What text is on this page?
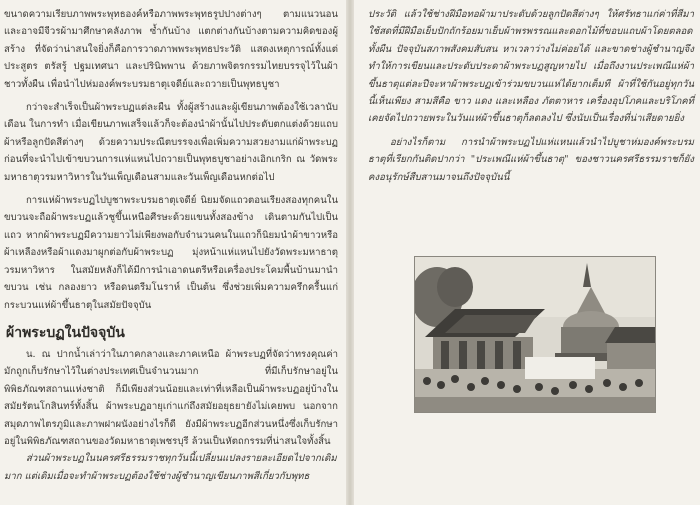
ขนาดความเรียบภาพพระพุทธองค์หรือภาพพระพุทธรูปปางต่างๆ ตามแนวนอน และอาจมีจีวรผ้ามาศึกษาคลังภาพ ซ้ำกันบ้าง แตกต่างกันบ้างตามความคิดของผู้สร้าง ที่จัดว่าน่าสนใจยิ่งก็คือการวาดภาพพระพุทธประวัติ แสดงเหตุการณ์ทั้งแต่ประสูตร ตรัสรู้ ปฐมเทศนา และปรินิพพาน ด้วยภาพจิตรกรรมไทยบรรจุไว้ในผ้าชาวทั้งผืน เพื่อนำไปห่มองค์พระบรมธาตุเจดีย์และถวายเป็นพุทธบูชา

กว่าจะสำเร็จเป็นผ้าพระบฏแต่ละผืน ทั้งผู้สร้างและผู้เขียนภาพต้องใช้เวลานับเดือน ในการทำ เมื่อเขียนภาพเสร็จแล้วก็จะต้องนำผ้านั้นไปประดับตกแต่งด้วยแถบผ้าหรือลูกปัดสีต่างๆ ด้วยความประณีตบรรจงเพื่อเพิ่มความสวยงามแก่ผ้าพระบฏ ก่อนที่จะนำไปเข้าขบวนการแห่แหนไปถวายเป็นพุทธบูชาอย่างเอิกเกริก ณ วัดพระมหาธาตุวรมหาวิหารในวันเพ็ญเดือนสามและวันเพ็ญเดือนหกต่อไป

การแห่ผ้าพระบฏไปบูชาพระบรมธาตุเจดีย์ นิยมจัดแถวตอนเรียงสองทุกคนในขบวนจะถือผ้าพระบฏแล้วชูขึ้นเหนือศีรษะด้วยแขนทั้งสองข้าง เดินตามกันไปเป็นแถว หากผ้าพระบฏมีความยาวไม่เพียงพอกับจำนวนคนในแถวก็นิยมนำผ้าขาวหรือผ้าเหลืองหรือผ้าแดงมาผูกต่อกับผ้าพระบฏ มุ่งหน้าแห่แหนไปยังวัดพระมหาธาตุวรมหาวิหาร ในสมัยหลังก็ได้มีการนำเอาดนตรีหรือเครื่องประโคมพื้นบ้านมานำขบวน เช่น กลองยาว หรือดนตรีมโนราห์ เป็นต้น ซึ่งช่วยเพิ่มความครึกครื้นแก่กระบวนแห่ผ้าขึ้นธาตุในสมัยปัจจุบัน

ผ้าพระบฏในปัจจุบัน

น. ณ ปากน้ำเล่าว่าในภาคกลางและภาคเหนือ ผ้าพระบฏที่จัดว่าทรงคุณค่ามักถูกเก็บรักษาไว้ในต่างประเทศเป็นจำนวนมาก ที่มีเก็บรักษาอยู่ในพิพิธภัณฑสถานแห่งชาติ ก็มีเพียงส่วนน้อยและเท่าที่เหลือเป็นผ้าพระบฏอยู่บ้างในสมัยรัตนโกสินทร์ทั้งสิ้น ผ้าพระบฏอายุเก่าแก่ถึงสมัยอยุธยายังไม่เคยพบ นอกจากสมุดภาพไตรภูมิและภาพฝาผนังอย่างไรก็ดี ยังมีผ้าพระบฏอีกส่วนหนึ่งซึ่งเก็บรักษาอยู่ในพิพิธภัณฑสถานของวัดมหาธาตุเพชรบุรี ล้วนเป็นหัตถกรรมที่น่าสนใจทั้งสิ้น

ส่วนผ้าพระบฏในนครศรีธรรมราชทุกวันนี้เปลี่ยนแปลงรายละเอียดไปจากเดิมมาก แต่เดิมเมื่อจะทำผ้าพระบฏต้องใช้ช่างผู้ชำนาญเขียนภาพสีเกี่ยวกับพุทธ

ประวัติ แล้วใช้ช่างฝีมือทอผ้ามาประดับด้วยลูกปัดสีต่างๆ ให้ศรัทธาแก่ค่าที่สีมาใช้สดที่มีฝีมือเย็บปักถักร้อยมาเย็บผ้าพรพรรณและดอกไม้ที่ขอบแถบผ้าโดยตลอดทั้งผืน ปัจจุบันสภาพสังคมสับสน หาเวลาว่างไม่ค่อยได้ และขาดช่างผู้ชำนาญจึงทำให้การเขียนและประดับประดาผ้าพระบฏสูญหายไป เมื่อถึงงานประเพณีแห่ผ้าขึ้นธาตุแต่ละปีจะหาผ้าพระบฏเข้าร่วมขบวนแห่ได้ยากเต็มที ผ้าที่ใช้กันอยู่ทุกวันนี้เห็นเพียง สามสีคือ ขาว แดง และเหลือง ภัตตาหาร เครื่องอุปโภคและบริโภคที่เคยจัดไปถวายพระในวันแห่ผ้าขึ้นธาตุก็ลดลงไป ซึ่งนับเป็นเรื่องที่น่าเสียดายยิ่ง

อย่างไรก็ตาม การนำผ้าพระบฏไปแห่แหนแล้วนำไปบูชาห่มองค์พระบรมธาตุที่เรียกกันติดปากว่า "ประเพณีแห่ผ้าขึ้นธาตุ" ของชาวนครศรีธรรมราชก็ยังคงอนุรักษ์สืบสานมาจนถึงปัจจุบันนี้
